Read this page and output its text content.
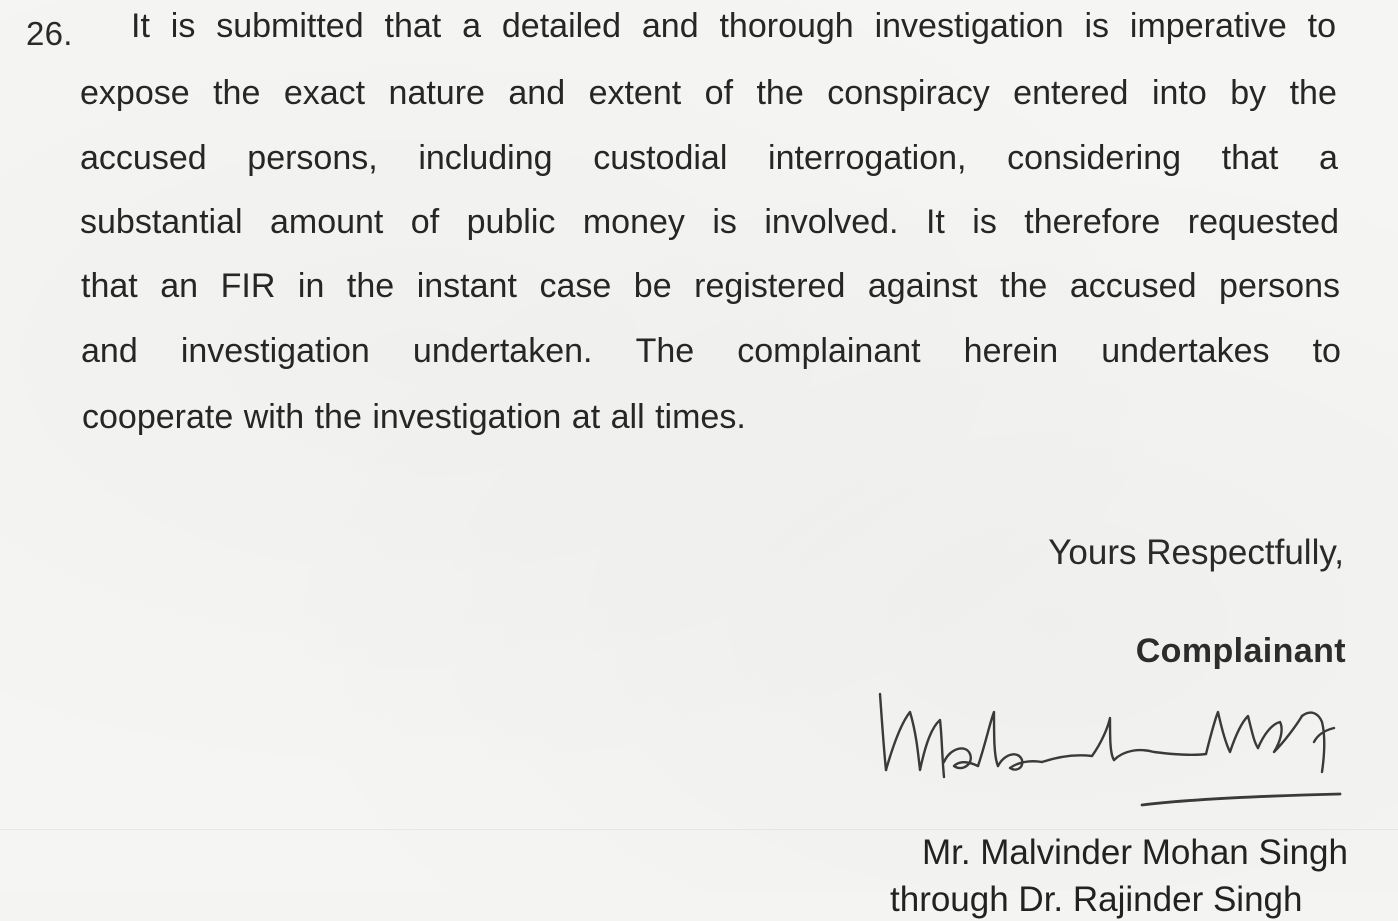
26. It is submitted that a detailed and thorough investigation is imperative to
expose the exact nature and extent of the conspiracy entered into by the
accused persons, including custodial interrogation, considering that a
substantial amount of public money is involved. It is therefore requested
that an FIR in the instant case be registered against the accused persons
and investigation undertaken. The complainant herein undertakes to
cooperate with the investigation at all times.
Yours Respectfully,
Complainant
Mr. Malvinder Mohan Singh
through Dr. Rajinder Singh
